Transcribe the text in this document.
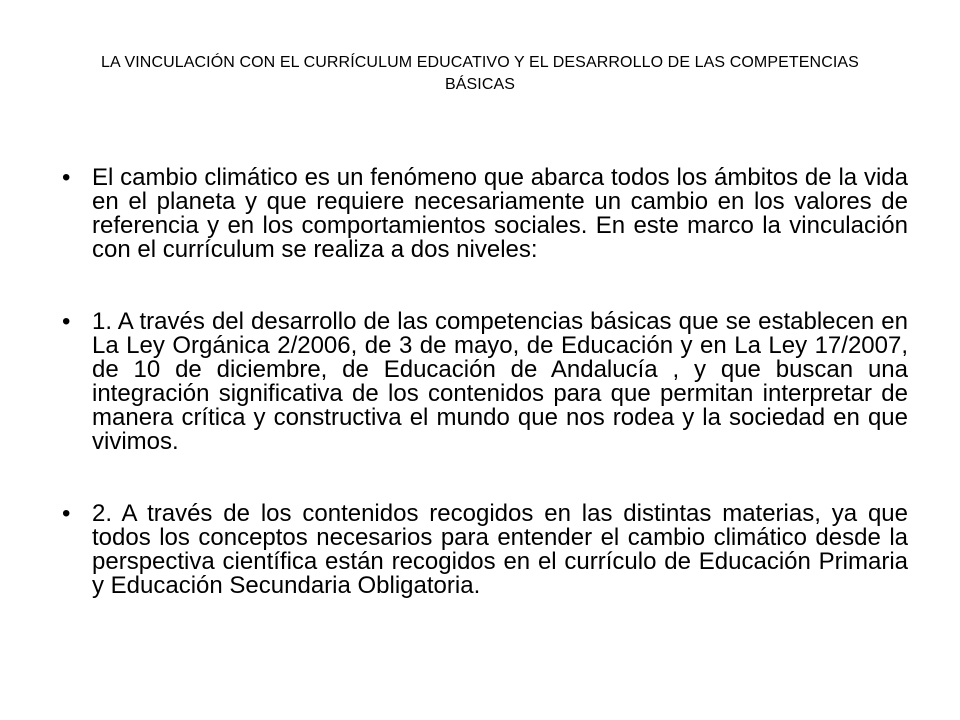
LA VINCULACIÓN CON EL CURRÍCULUM EDUCATIVO Y EL DESARROLLO DE LAS COMPETENCIAS BÁSICAS
• El cambio climático es un fenómeno que abarca todos los ámbitos de la vida en el planeta y que requiere necesariamente un cambio en los valores de referencia y en los comportamientos sociales. En este marco la vinculación con el currículum se realiza a dos niveles:
• 1. A través del desarrollo de las competencias básicas que se establecen en La Ley Orgánica 2/2006, de 3 de mayo, de Educación y en La Ley 17/2007, de 10 de diciembre, de Educación de Andalucía , y que buscan una integración significativa de los contenidos para que permitan interpretar de manera crítica y constructiva el mundo que nos rodea y la sociedad en que vivimos.
• 2. A través de los contenidos recogidos en las distintas materias, ya que todos los conceptos necesarios para entender el cambio climático desde la perspectiva científica están recogidos en el currículo de Educación Primaria y Educación Secundaria Obligatoria.
